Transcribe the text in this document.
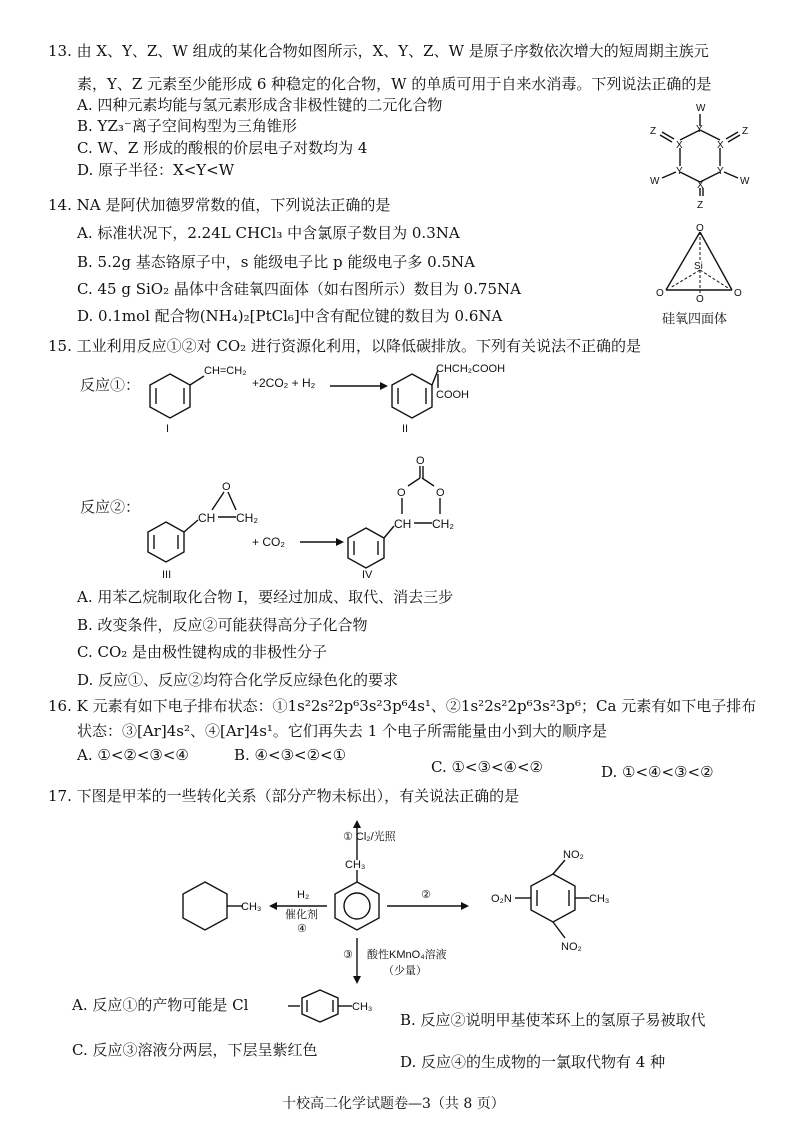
13. 由 X、Y、Z、W 组成的某化合物如图所示，X、Y、Z、W 是原子序数依次增大的短周期主族元
素，Y、Z 元素至少能形成 6 种稳定的化合物，W 的单质可用于自来水消毒。下列说法正确的是
A. 四种元素均能与氢元素形成含非极性键的二元化合物
B. YZ₃⁻离子空间构型为三角锥形
C. W、Z 形成的酸根的价层电子对数均为 4
D. 原子半径：X<Y<W
W
Y
X	X
Y	Y
X
Z	Z
W	W
Z
14. NA 是阿伏加德罗常数的值，下列说法正确的是
A. 标准状况下，2.24L CHCl₃ 中含氯原子数目为 0.3NA
B. 5.2g 基态铬原子中，s 能级电子比 p 能级电子多 0.5NA
C. 45 g SiO₂ 晶体中含硅氧四面体（如右图所示）数目为 0.75NA
D. 0.1mol 配合物(NH₄)₂[PtCl₆]中含有配位键的数目为 0.6NA
O
Si
O	O
O
硅氧四面体
15. 工业利用反应①②对 CO₂ 进行资源化利用，以降低碳排放。下列有关说法不正确的是
反应①：
CH=CH₂
I
+2CO₂ + H₂
CHCH₂COOH
COOH
II
反应②：
CH CH₂
O
III
+ CO₂
CH CH₂
O	O
O
IV
A. 用苯乙烷制取化合物 I，要经过加成、取代、消去三步
B. 改变条件，反应②可能获得高分子化合物
C. CO₂ 是由极性键构成的非极性分子
D. 反应①、反应②均符合化学反应绿色化的要求
16. K 元素有如下电子排布状态：①1s²2s²2p⁶3s²3p⁶4s¹、②1s²2s²2p⁶3s²3p⁶；Ca 元素有如下电子排布
状态：③[Ar]4s²、④[Ar]4s¹。它们再失去 1 个电子所需能量由小到大的顺序是
A. ①<②<③<④	B. ④<③<②<①
C. ①<③<④<②	D. ①<④<③<②
17. 下图是甲苯的一些转化关系（部分产物未标出），有关说法正确的是
① Cl₂/光照
CH₃
H₂
催化剂
④
CH₃
②
NO₂
CH₃
NO₂
O₂N
③ 酸性KMnO₄溶液
（少量）
A. 反应①的产物可能是 Cl	CH₃
B. 反应②说明甲基使苯环上的氢原子易被取代
C. 反应③溶液分两层，下层呈紫红色
D. 反应④的生成物的一氯取代物有 4 种
十校高二化学试题卷—3（共 8 页）
